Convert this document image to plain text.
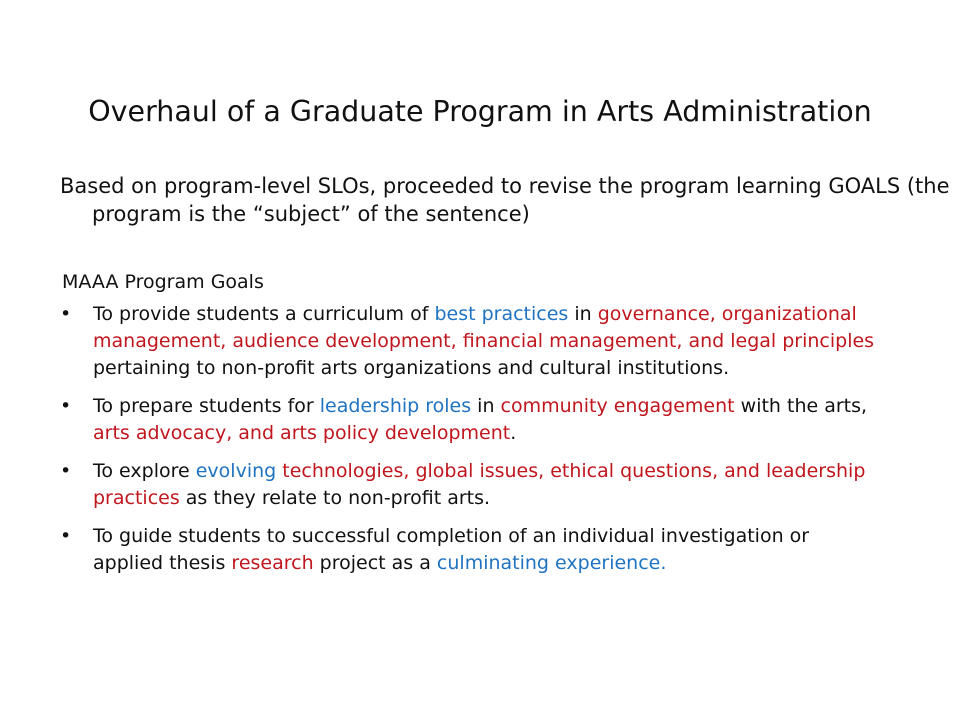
Overhaul of a Graduate Program in Arts Administration
Based on program-level SLOs, proceeded to revise the program learning GOALS (the program is the “subject” of the sentence)
MAAA Program Goals
• To provide students a curriculum of best practices in governance, organizational management, audience development, financial management, and legal principles pertaining to non-profit arts organizations and cultural institutions.
• To prepare students for leadership roles in community engagement with the arts, arts advocacy, and arts policy development.
• To explore evolving technologies, global issues, ethical questions, and leadership practices as they relate to non-profit arts.
• To guide students to successful completion of an individual investigation or applied thesis research project as a culminating experience.
